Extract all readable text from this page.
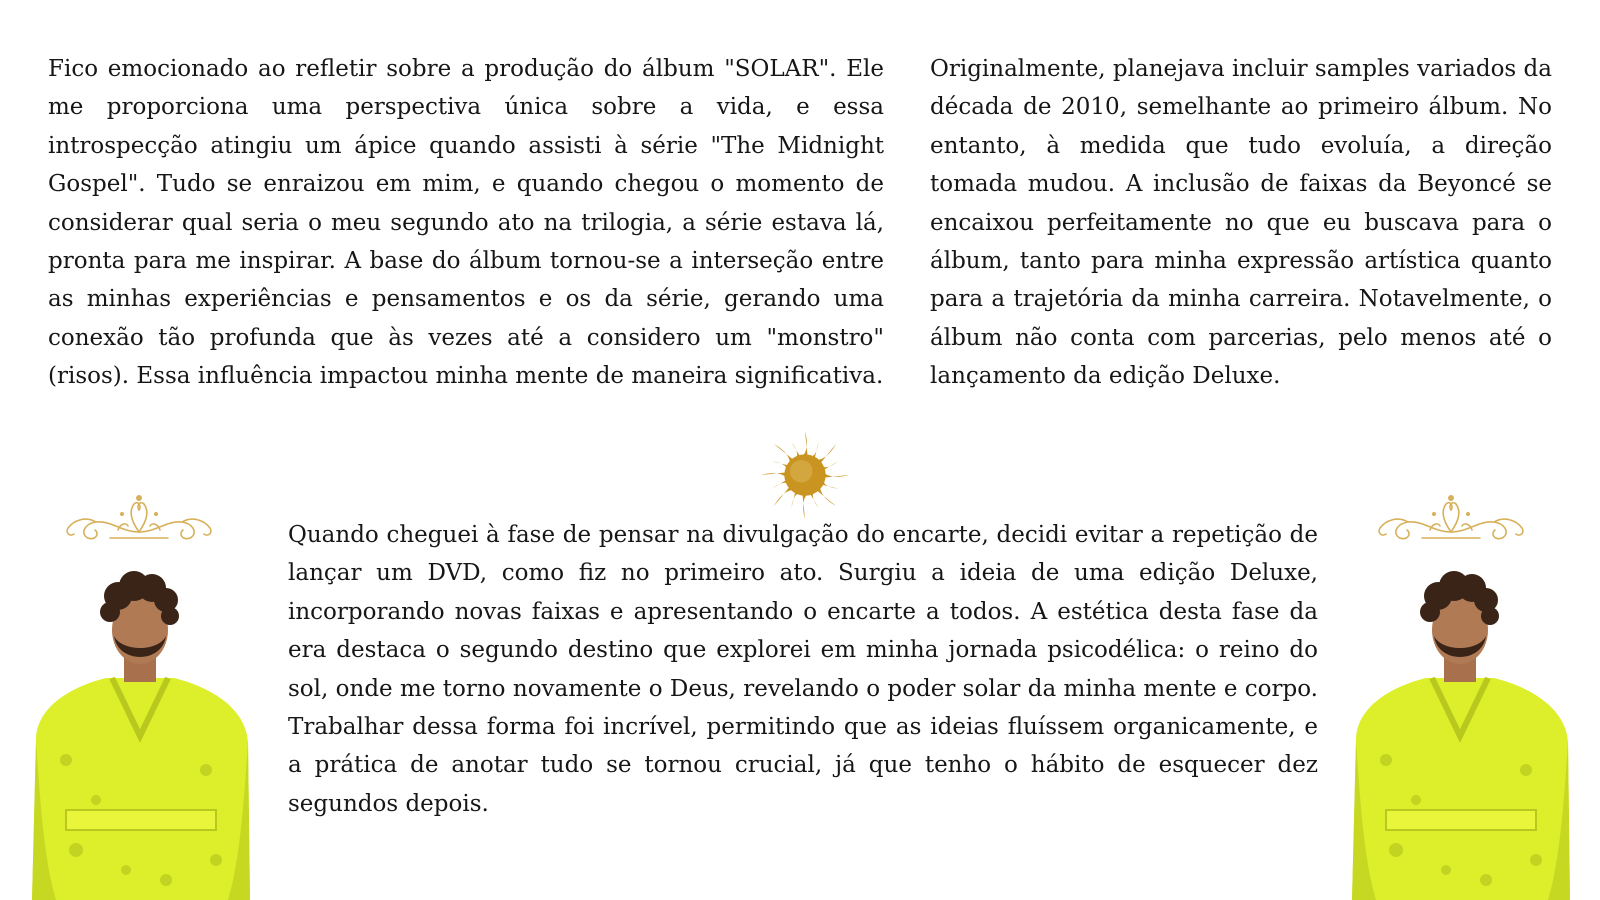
Fico emocionado ao refletir sobre a produção do álbum "SOLAR". Ele me proporciona uma perspectiva única sobre a vida, e essa introspecção atingiu um ápice quando assisti à série "The Midnight Gospel". Tudo se enraizou em mim, e quando chegou o momento de considerar qual seria o meu segundo ato na trilogia, a série estava lá, pronta para me inspirar. A base do álbum tornou-se a interseção entre as minhas experiências e pensamentos e os da série, gerando uma conexão tão profunda que às vezes até a considero um "monstro" (risos). Essa influência impactou minha mente de maneira significativa.

Originalmente, planejava incluir samples variados da década de 2010, semelhante ao primeiro álbum. No entanto, à medida que tudo evoluía, a direção tomada mudou. A inclusão de faixas da Beyoncé se encaixou perfeitamente no que eu buscava para o álbum, tanto para minha expressão artística quanto para a trajetória da minha carreira. Notavelmente, o álbum não conta com parcerias, pelo menos até o lançamento da edição Deluxe.

Quando cheguei à fase de pensar na divulgação do encarte, decidi evitar a repetição de lançar um DVD, como fiz no primeiro ato. Surgiu a ideia de uma edição Deluxe, incorporando novas faixas e apresentando o encarte a todos. A estética desta fase da era destaca o segundo destino que explorei em minha jornada psicodélica: o reino do sol, onde me torno novamente o Deus, revelando o poder solar da minha mente e corpo. Trabalhar dessa forma foi incrível, permitindo que as ideias fluíssem organicamente, e a prática de anotar tudo se tornou crucial, já que tenho o hábito de esquecer dez segundos depois.
